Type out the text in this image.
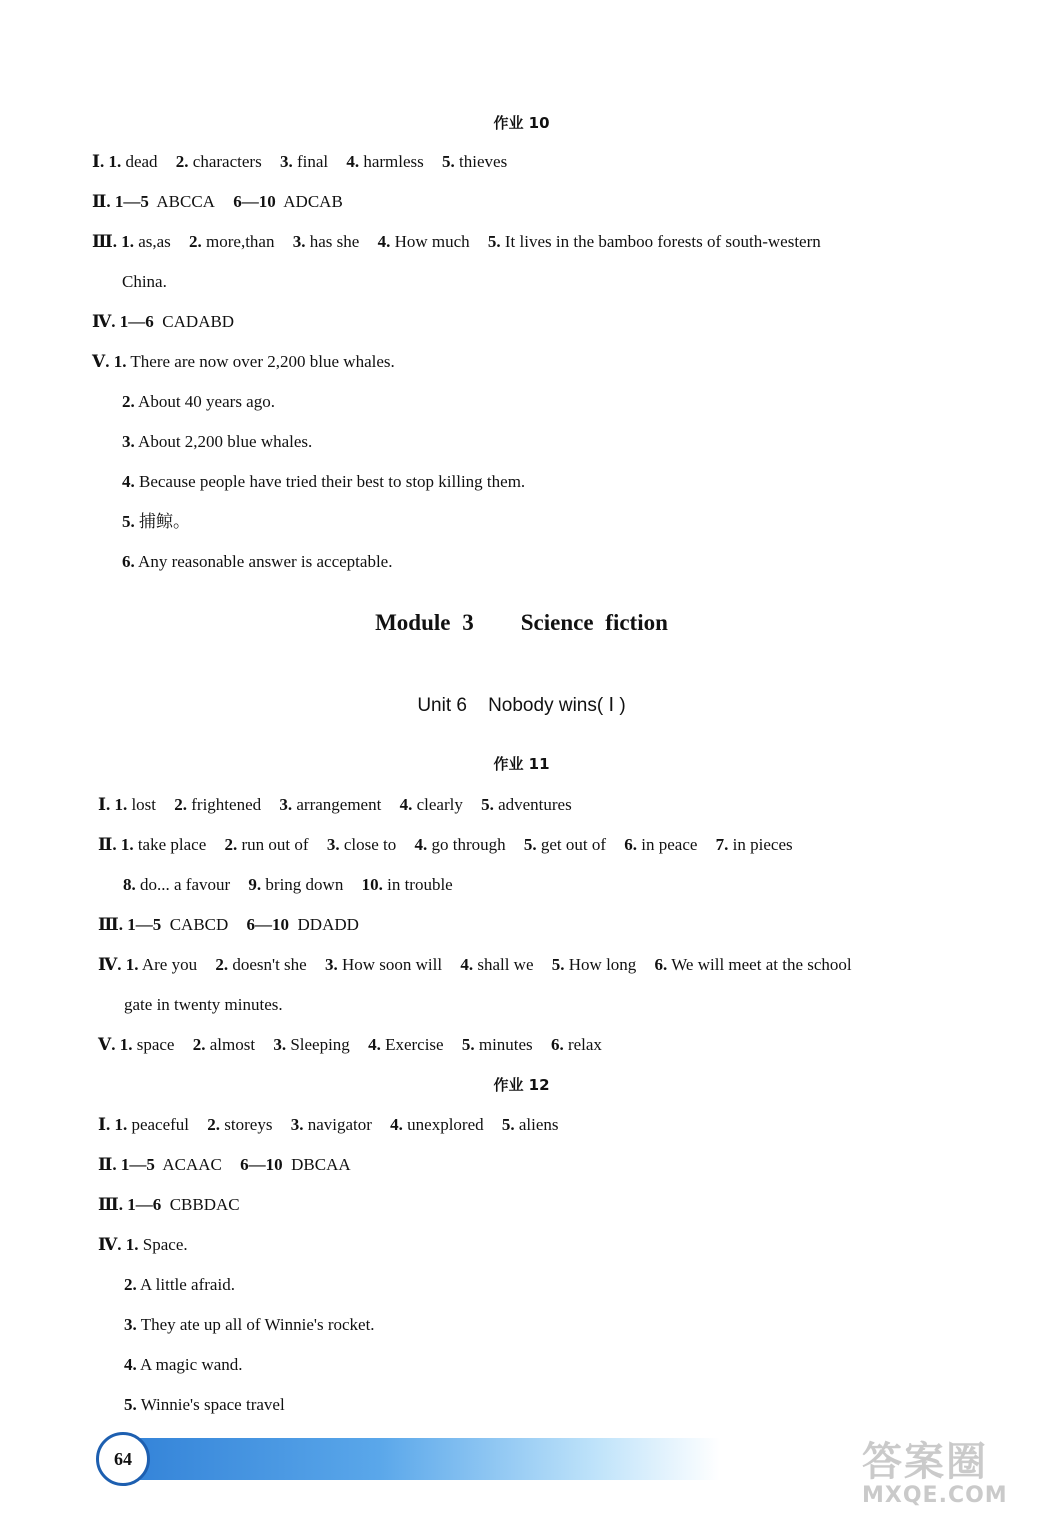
作业 10
Ⅰ. 1. dead 2. characters 3. final 4. harmless 5. thieves
Ⅱ. 1—5  ABCCA 6—10  ADCAB
Ⅲ. 1. as,as 2. more,than 3. has she 4. How much 5. It lives in the bamboo forests of south-western
China.
Ⅳ. 1—6  CADABD
Ⅴ. 1. There are now over 2,200 blue whales.
2. About 40 years ago.
3. About 2,200 blue whales.
4. Because people have tried their best to stop killing them.
5. 捕鲸。
6. Any reasonable answer is acceptable.
Module 3    Science fiction
Unit 6    Nobody wins( Ⅰ )
作业 11
Ⅰ. 1. lost 2. frightened 3. arrangement 4. clearly 5. adventures
Ⅱ. 1. take place 2. run out of 3. close to 4. go through 5. get out of 6. in peace 7. in pieces
8. do... a favour 9. bring down 10. in trouble
Ⅲ. 1—5  CABCD 6—10  DDADD
Ⅳ. 1. Are you 2. doesn't she 3. How soon will 4. shall we 5. How long 6. We will meet at the school
gate in twenty minutes.
Ⅴ. 1. space 2. almost 3. Sleeping 4. Exercise 5. minutes 6. relax
作业 12
Ⅰ. 1. peaceful 2. storeys 3. navigator 4. unexplored 5. aliens
Ⅱ. 1—5  ACAAC 6—10  DBCAA
Ⅲ. 1—6  CBBDAC
Ⅳ. 1. Space.
2. A little afraid.
3. They ate up all of Winnie's rocket.
4. A magic wand.
5. Winnie's space travel
64	答案圈
MXQE.COM
